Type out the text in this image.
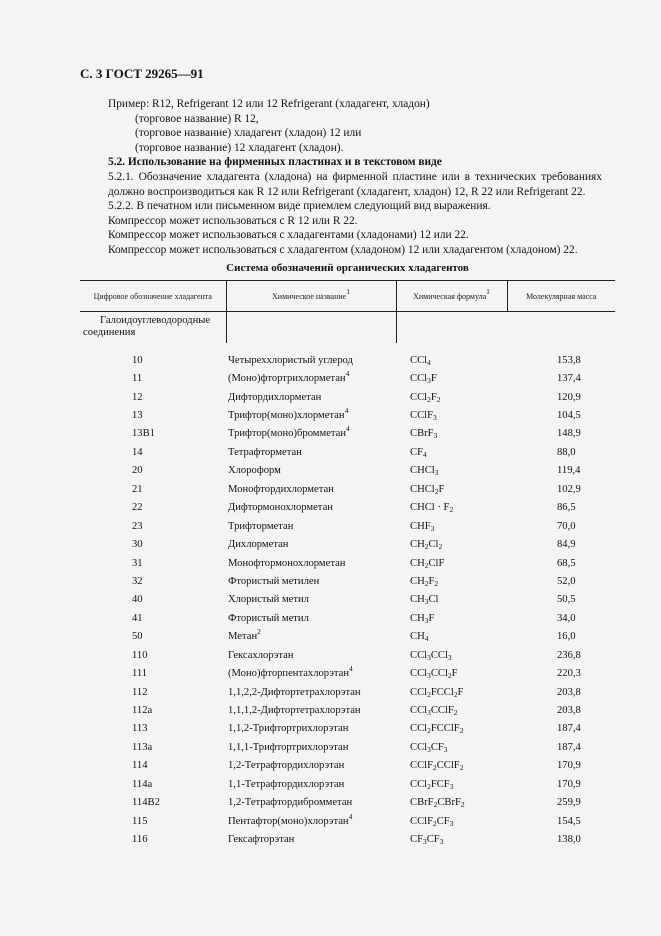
С. 3 ГОСТ 29265—91

Пример: R12, Refrigerant 12 или 12 Refrigerant (хладагент, хладон)

(торговое название) R 12,

(торговое название) хладагент (хладон) 12 или

(торговое название) 12 хладагент (хладон).

5.2. Использование на фирменных пластинах и в текстовом виде

5.2.1. Обозначение хладагента (хладона) на фирменной пластине или в технических требованиях должно воспроизводиться как R 12 или Refrigerant (хладагент, хладон) 12, R 22 или Refrigerant 22.

5.2.2. В печатном или письменном виде приемлем следующий вид выражения.

Компрессор может использоваться с R 12 или R 22.

Компрессор может использоваться с хладагентами (хладонами) 12 или 22.

Компрессор может использоваться с хладагентом (хладоном) 12 или хладагентом (хладоном) 22.

Система обозначений органических хладагентов
Цифровое обозначение хладагента	Химическое название$^1$	Химическая формула$^1$	Молекулярная масса
Галоидоуглеводородные соединения			
10	Четыреххлористый углерод	CCl$_4$	153,8
11	(Моно)фтортрихлорметан$^4$	CCl$_3$F	137,4
12	Дифтордихлорметан	$CCl_2F_2$	120,9
13	Трифтор(моно)хлорметан$^4$	CClF$_3$	104,5
13B1	Трифтор(моно)бромметан$^4$	CBrF$_3$	148,9
14	Тетрафторметан	$CF_4$	88,0
20	Хлороформ	CHCl$_3$	119,4
21	Монофтордихлорметан	CHCl$_2$F	102,9
22	Дифтормонохлорметан	CHCl · $F_2$	86,5
23	Трифторметан	$CHF_3$	70,0
30	Дихлорметан	$CH_2Cl_2$	84,9
31	Монофтормонохлорметан	$CH_2ClF$	68,5
32	Фтористый метилен	$CH_2F_2$	52,0
40	Хлористый метил	$CH_3Cl$	50,5
41	Фтористый метил	$CH_3F$	34,0
50	Метан$^2$	$CH_4$	16,0
110	Гексахлорэтан	CCl$_3$CCl$_3$	236,8
111	(Моно)фторпентахлорэтан$^4$	CCl$_3$CCl$_2$F	220,3
112	1,1,2,2-Дифтортетрахлорэтан	CCl$_2$FCCl$_2$F	203,8
112а	1,1,1,2-Дифтортетрахлорэтан	CCl$_3$CClF$_2$	203,8
113	1,1,2-Трифтортрихлорэтан	CCl$_2$FCClF$_2$	187,4
113а	1,1,1-Трифтортрихлорэтан	$CCl_3CF_3$	187,4
114	1,2-Тетрафтордихлорэтан	CClF$_2$CClF$_2$	170,9
114а	1,1-Тетрафтордихлорэтан	$CCl_2FCF_3$	170,9
114B2	1,2-Тетрафтордибромметан	CBrF$_2$CBrF$_2$	259,9
115	Пентафтор(моно)хлорэтан$^4$	$CClF_2CF_3$	154,5
116	Гексафторэтан	$CF_3CF_3$	138,0
